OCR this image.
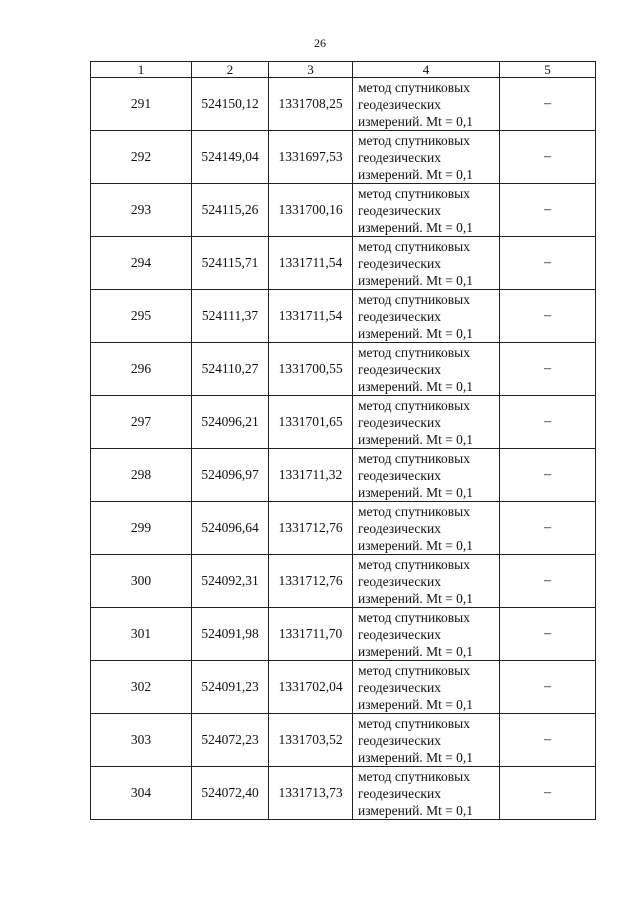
26
1	2	3	4	5
291	524150,12	1331708,25	метод спутниковых
геодезических
измерений. Mt = 0,1	–
292	524149,04	1331697,53	метод спутниковых
геодезических
измерений. Mt = 0,1	–
293	524115,26	1331700,16	метод спутниковых
геодезических
измерений. Mt = 0,1	–
294	524115,71	1331711,54	метод спутниковых
геодезических
измерений. Mt = 0,1	–
295	524111,37	1331711,54	метод спутниковых
геодезических
измерений. Mt = 0,1	–
296	524110,27	1331700,55	метод спутниковых
геодезических
измерений. Mt = 0,1	–
297	524096,21	1331701,65	метод спутниковых
геодезических
измерений. Mt = 0,1	–
298	524096,97	1331711,32	метод спутниковых
геодезических
измерений. Mt = 0,1	–
299	524096,64	1331712,76	метод спутниковых
геодезических
измерений. Mt = 0,1	–
300	524092,31	1331712,76	метод спутниковых
геодезических
измерений. Mt = 0,1	–
301	524091,98	1331711,70	метод спутниковых
геодезических
измерений. Mt = 0,1	–
302	524091,23	1331702,04	метод спутниковых
геодезических
измерений. Mt = 0,1	–
303	524072,23	1331703,52	метод спутниковых
геодезических
измерений. Mt = 0,1	–
304	524072,40	1331713,73	метод спутниковых
геодезических
измерений. Mt = 0,1	–
